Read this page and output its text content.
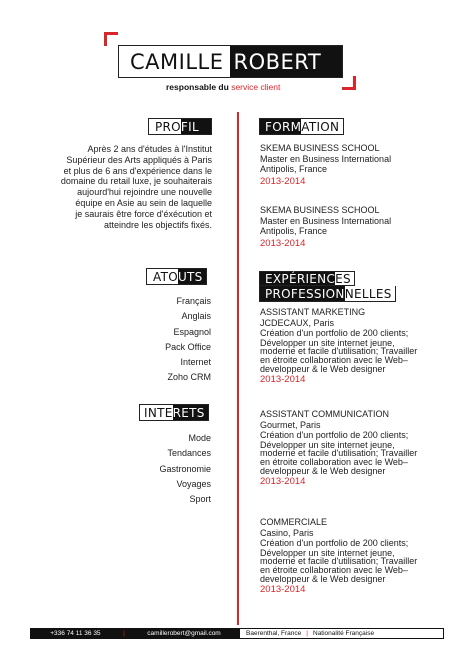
CAMILLE ROBERT
responsable du service client
PRO FIL
Après 2 ans d'études à l'Institut
Supérieur des Arts appliqués à Paris
et plus de 6 ans d'expérience dans le
domaine du retail luxe, je souhaiterais
aujourd'hui rejoindre une nouvelle
équipe en Asie au sein de laquelle
je saurais être force d'éxécution et
atteindre les objectifs fixés.
ATO UTS
Français
Anglais
Espagnol
Pack Office
Internet
Zoho CRM
INTE RETS
Mode
Tendances
Gastronomie
Voyages
Sport
FORM ATION
SKEMA BUSINESS SCHOOL
Master en Business International
Antipolis, France
2013-2014
SKEMA BUSINESS SCHOOL
Master en Business International
Antipolis, France
2013-2014
EXPÉRIENC ES
PROFESSION NELLES
ASSISTANT MARKETING
JCDECAUX, Paris
Création d'un portfolio de 200 clients;
Développer un site internet jeune,
moderne et facile d'utilisation; Travailler
en étroite collaboration avec le Web–
developpeur & le Web designer
2013-2014
ASSISTANT COMMUNICATION
Gourmet, Paris
Création d'un portfolio de 200 clients;
Développer un site internet jeune,
moderne et facile d'utilisation; Travailler
en étroite collaboration avec le Web–
developpeur & le Web designer
2013-2014
COMMERCIALE
Casino, Paris
Création d'un portfolio de 200 clients;
Développer un site internet jeune,
moderne et facile d'utilisation; Travailler
en étroite collaboration avec le Web–
developpeur & le Web designer
2013-2014
+336 74 11 36 35	|	camillerobert@gmail.com	Baerenthal, France | Nationalité Française
